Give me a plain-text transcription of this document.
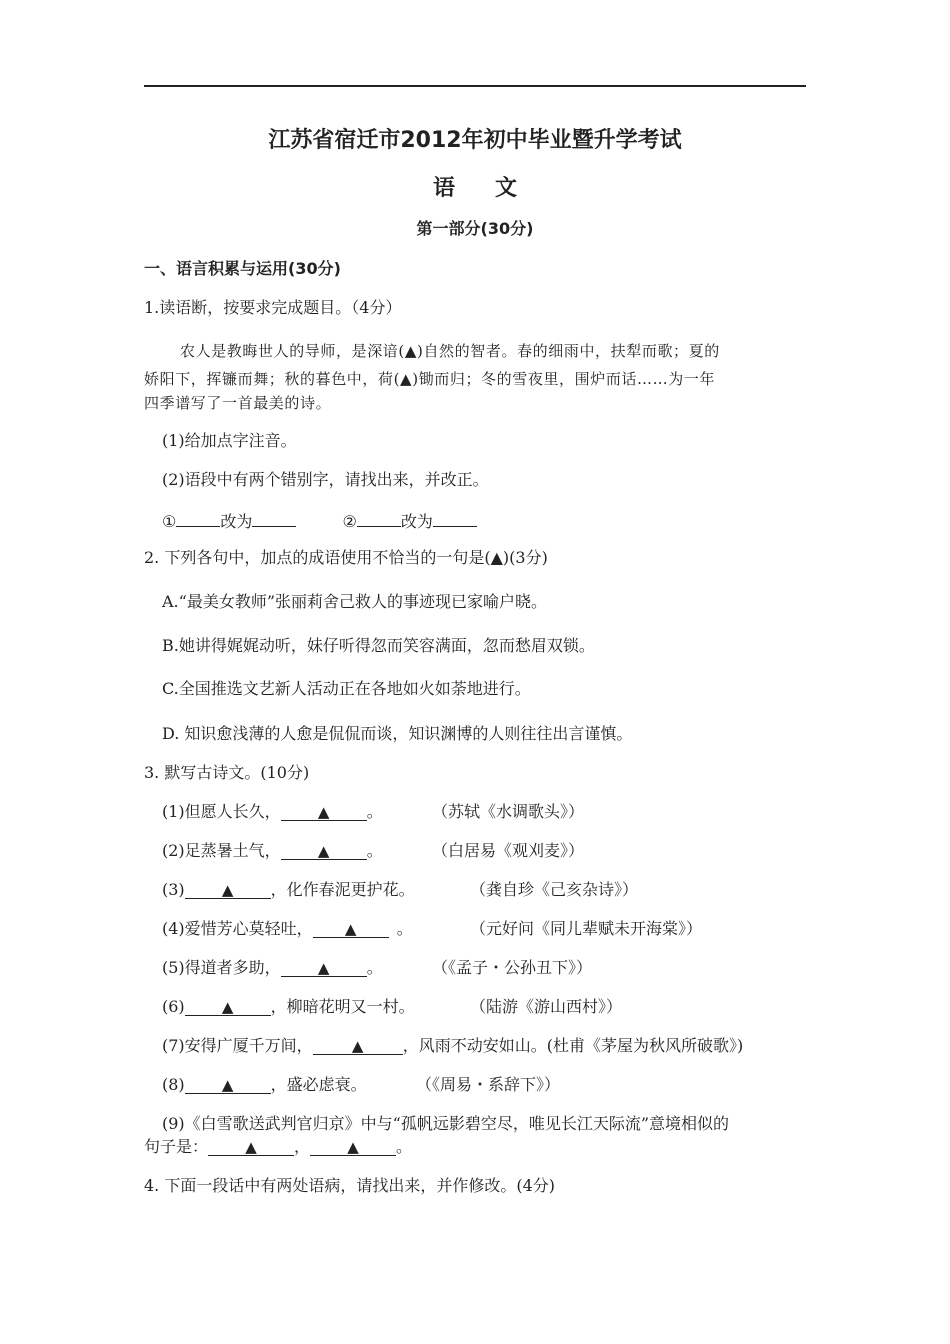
江苏省宿迁市2012年初中毕业暨升学考试
语文
第一部分(30分)
一、语言积累与运用(30分)
1.读语断，按要求完成题目。（4分）
农人是教晦世人的导师，是深谙(▲)自然的智者。春的细雨中，扶犁而歌；夏的
娇阳下，挥镰而舞；秋的暮色中，荷(▲)锄而归；冬的雪夜里，围炉而话……为一年
四季谱写了一首最美的诗。
(1)给加点字注音。
(2)语段中有两个错别字，请找出来，并改正。
①	改为	②	改为
2. 下列各句中，加点的成语使用不恰当的一句是(▲)(3分)
A.“最美女教师”张丽莉舍己救人的事迹现已家喻户晓。
B.她讲得娓娓动听，妹仔听得忽而笑容满面，忽而愁眉双锁。
C.全国推选文艺新人活动正在各地如火如荼地进行。
D. 知识愈浅薄的人愈是侃侃而谈，知识渊博的人则往往出言谨慎。
3. 默写古诗文。(10分)
(1)但愿人长久， ▲ 。	（苏轼《水调歌头》）
(2)足蒸暑土气， ▲ 。	（白居易《观刈麦》）
(3) ▲ ，化作春泥更护花。	（龚自珍《己亥杂诗》）
(4)爱惜芳心莫轻吐， ▲	。	（元好问《同儿辈赋未开海棠》）
(5)得道者多助， ▲ 。	（《孟子・公孙丑下》）
(6) ▲ ，柳暗花明又一村。	（陆游《游山西村》）
(7)安得广厦千万间，	▲ ，风雨不动安如山。(杜甫《茅屋为秋风所破歌》)
(8) ▲ ，盛必虑衰。	（《周易・系辞下》）
(9)《白雪歌送武判官归京》中与“孤帆远影碧空尽，唯见长江天际流”意境相似的
句子是： ▲ ， ▲ 。
4. 下面一段话中有两处语病，请找出来，并作修改。(4分)
